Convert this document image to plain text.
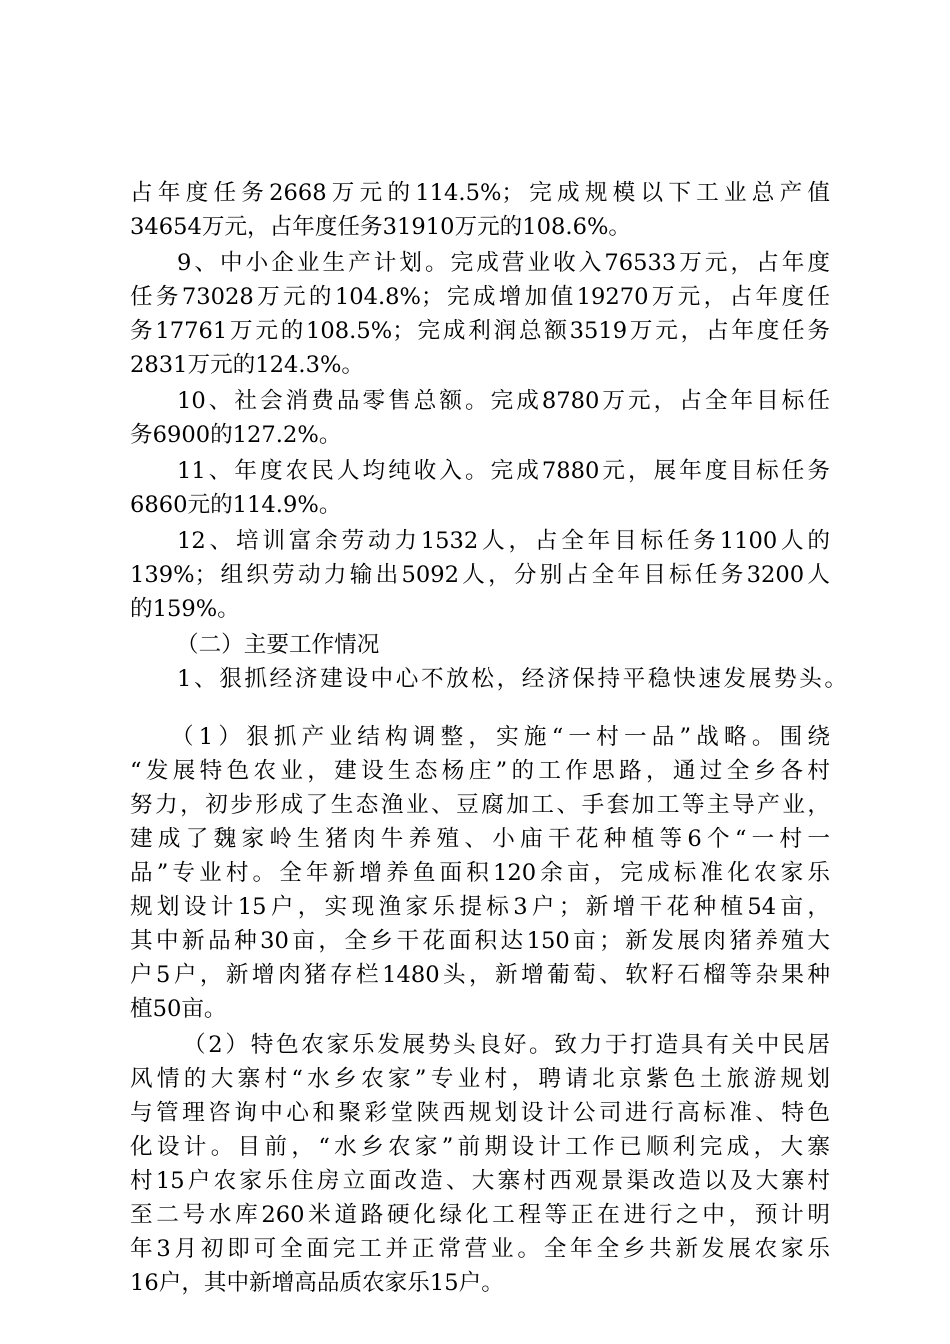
占年度任务2668万元的114.5%；完成规模以下工业总产值
34654万元，占年度任务31910万元的108.6%。
9、中小企业生产计划。完成营业收入76533万元，占年度
任务73028万元的104.8%；完成增加值19270万元，占年度任
务17761万元的108.5%；完成利润总额3519万元，占年度任务
2831万元的124.3%。
10、社会消费品零售总额。完成8780万元，占全年目标任
务6900的127.2%。
11、年度农民人均纯收入。完成7880元，展年度目标任务
6860元的114.9%。
12、培训富余劳动力1532人，占全年目标任务1100人的
139%；组织劳动力输出5092人，分别占全年目标任务3200人
的159%。
（二）主要工作情况
1、狠抓经济建设中心不放松，经济保持平稳快速发展势头。
（1）狠抓产业结构调整，实施“一村一品”战略。围绕
“发展特色农业，建设生态杨庄”的工作思路，通过全乡各村
努力，初步形成了生态渔业、豆腐加工、手套加工等主导产业，
建成了魏家岭生猪肉牛养殖、小庙干花种植等6个“一村一
品”专业村。全年新增养鱼面积120余亩，完成标准化农家乐
规划设计15户，实现渔家乐提标3户；新增干花种植54亩，
其中新品种30亩，全乡干花面积达150亩；新发展肉猪养殖大
户5户，新增肉猪存栏1480头，新增葡萄、软籽石榴等杂果种
植50亩。
（2）特色农家乐发展势头良好。致力于打造具有关中民居
风情的大寨村“水乡农家”专业村，聘请北京紫色土旅游规划
与管理咨询中心和聚彩堂陕西规划设计公司进行高标准、特色
化设计。目前，“水乡农家”前期设计工作已顺利完成，大寨
村15户农家乐住房立面改造、大寨村西观景渠改造以及大寨村
至二号水库260米道路硬化绿化工程等正在进行之中，预计明
年3月初即可全面完工并正常营业。全年全乡共新发展农家乐
16户，其中新增高品质农家乐15户。
